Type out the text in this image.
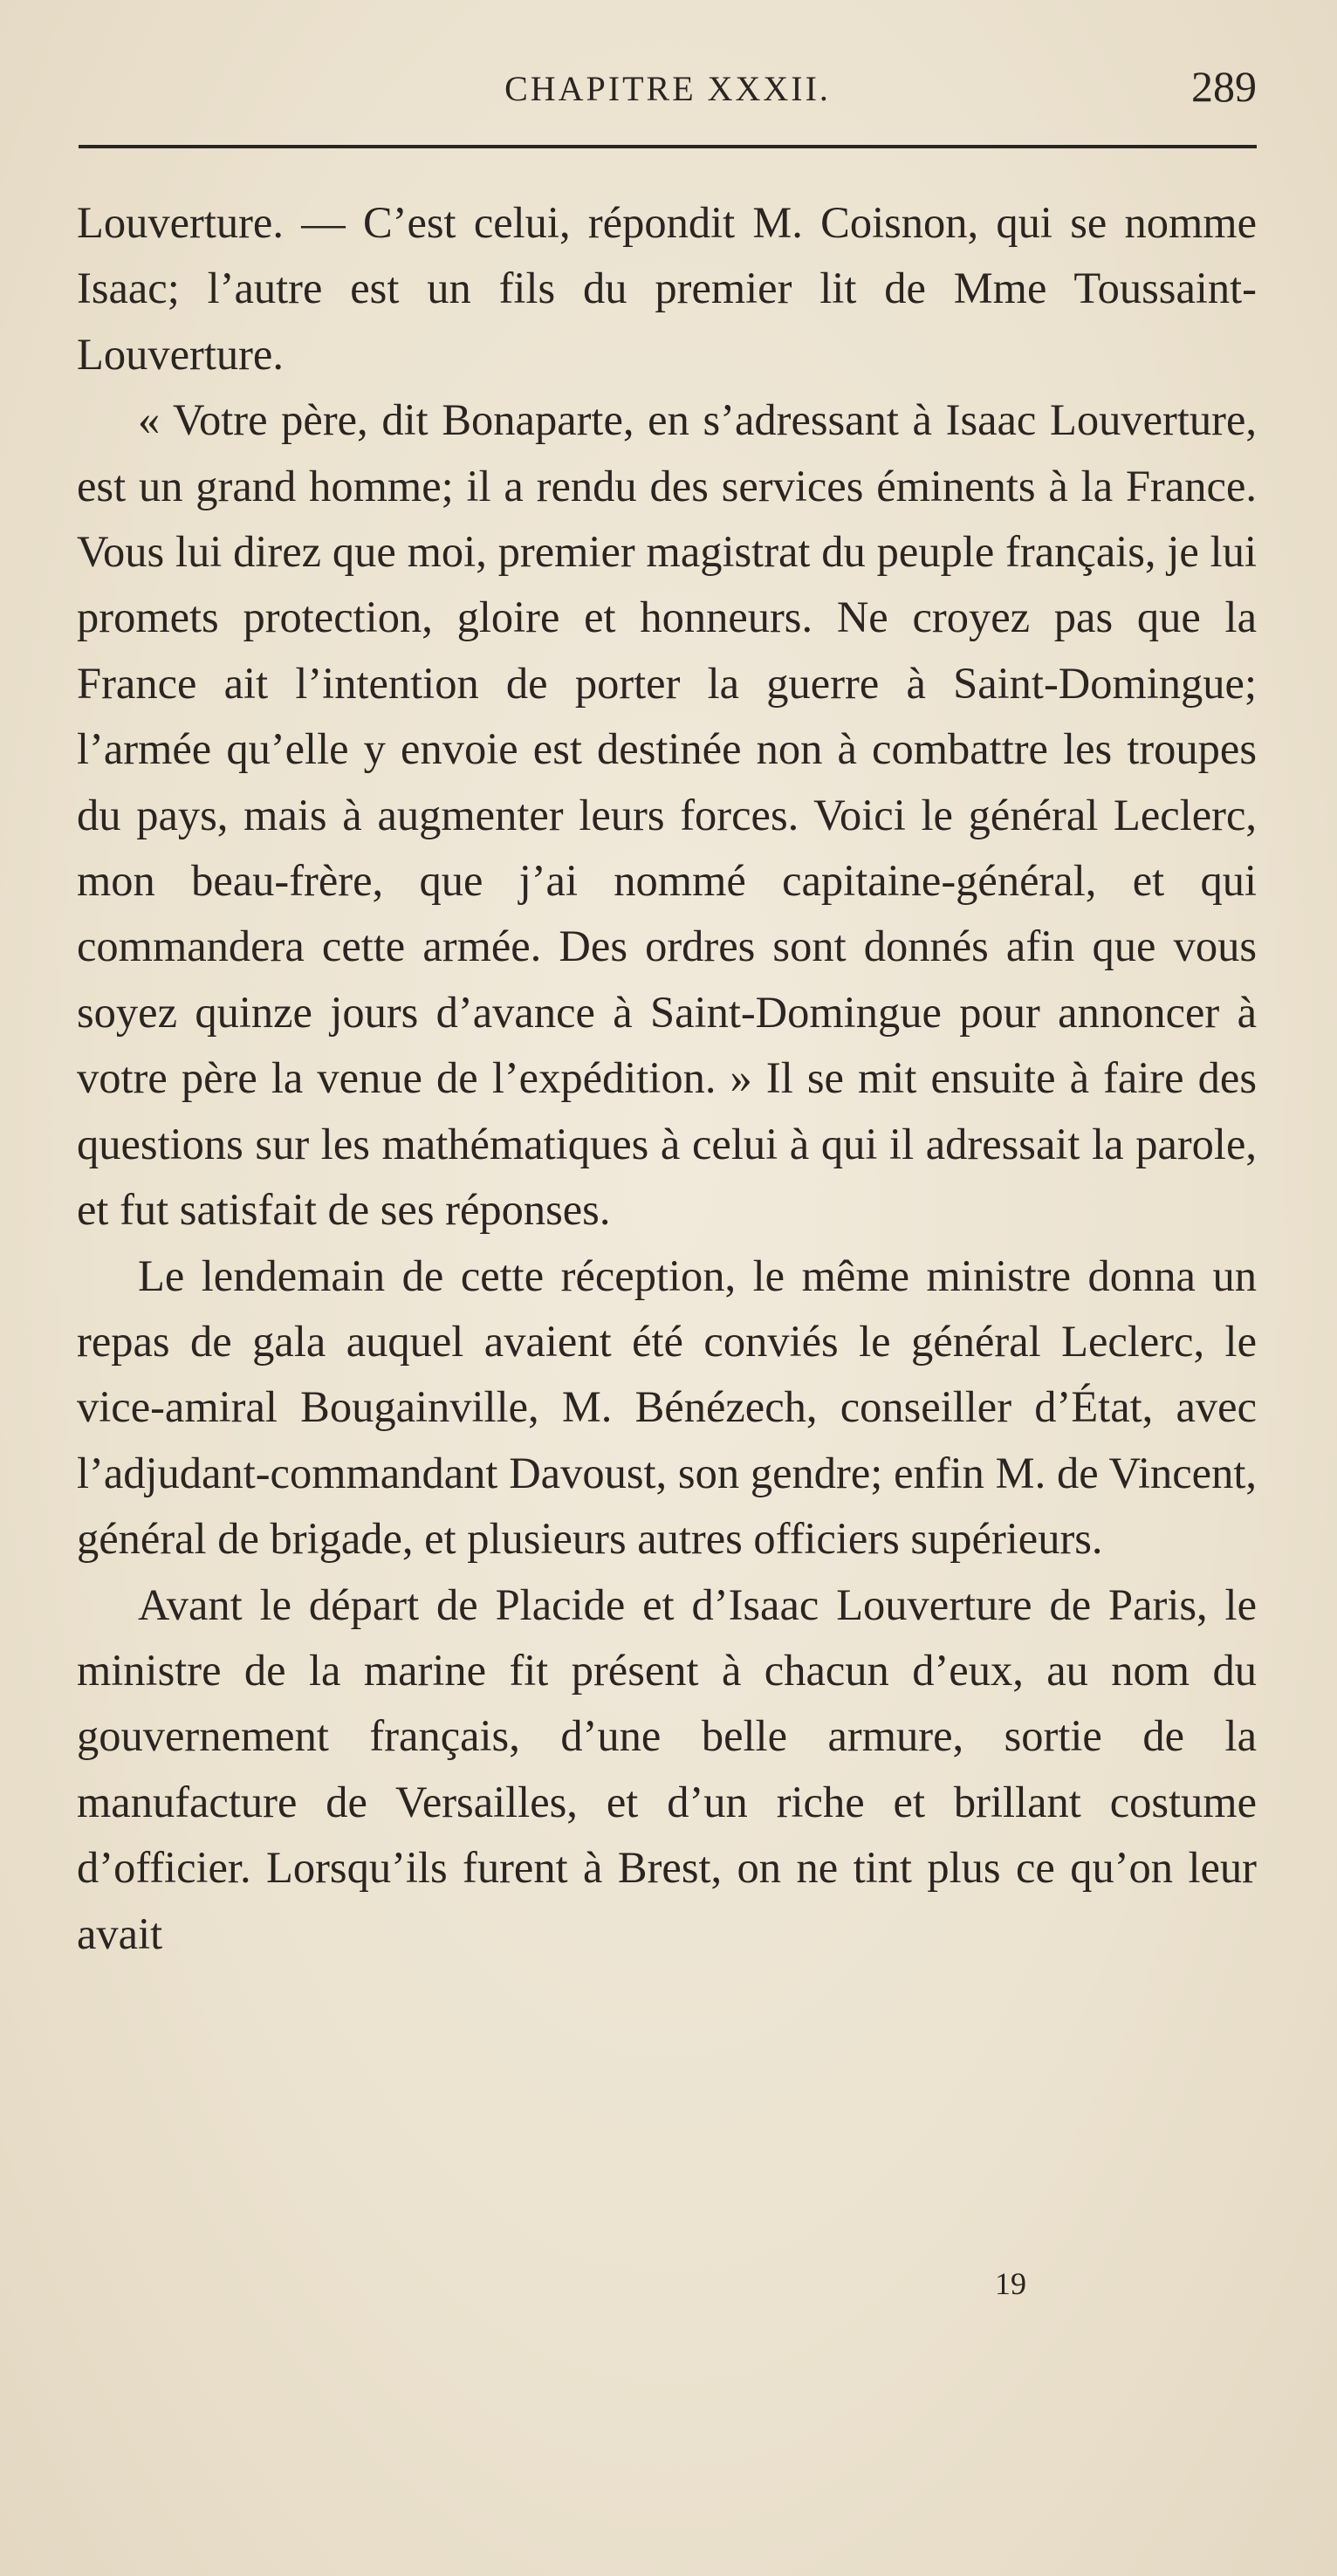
CHAPITRE XXXII.	289

Louverture. — C’est celui, répondit M. Coisnon, qui se nomme Isaac; l’autre est un fils du premier lit de Mme Toussaint-Louverture.

« Votre père, dit Bonaparte, en s’adressant à Isaac Louverture, est un grand homme; il a rendu des services éminents à la France. Vous lui direz que moi, premier magistrat du peuple français, je lui promets protection, gloire et honneurs. Ne croyez pas que la France ait l’intention de porter la guerre à Saint-Domingue; l’armée qu’elle y envoie est destinée non à combattre les troupes du pays, mais à augmenter leurs forces. Voici le général Leclerc, mon beau-frère, que j’ai nommé capitaine-général, et qui commandera cette armée. Des ordres sont donnés afin que vous soyez quinze jours d’avance à Saint-Domingue pour annoncer à votre père la venue de l’expédition. » Il se mit ensuite à faire des questions sur les mathématiques à celui à qui il adressait la parole, et fut satisfait de ses réponses.

Le lendemain de cette réception, le même ministre donna un repas de gala auquel avaient été conviés le général Leclerc, le vice-amiral Bougainville, M. Bénézech, conseiller d’État, avec l’adjudant-commandant Davoust, son gendre; enfin M. de Vincent, général de brigade, et plusieurs autres officiers supérieurs.

Avant le départ de Placide et d’Isaac Louverture de Paris, le ministre de la marine fit présent à chacun d’eux, au nom du gouvernement français, d’une belle armure, sortie de la manufacture de Versailles, et d’un riche et brillant costume d’officier. Lorsqu’ils furent à Brest, on ne tint plus ce qu’on leur avait

19
